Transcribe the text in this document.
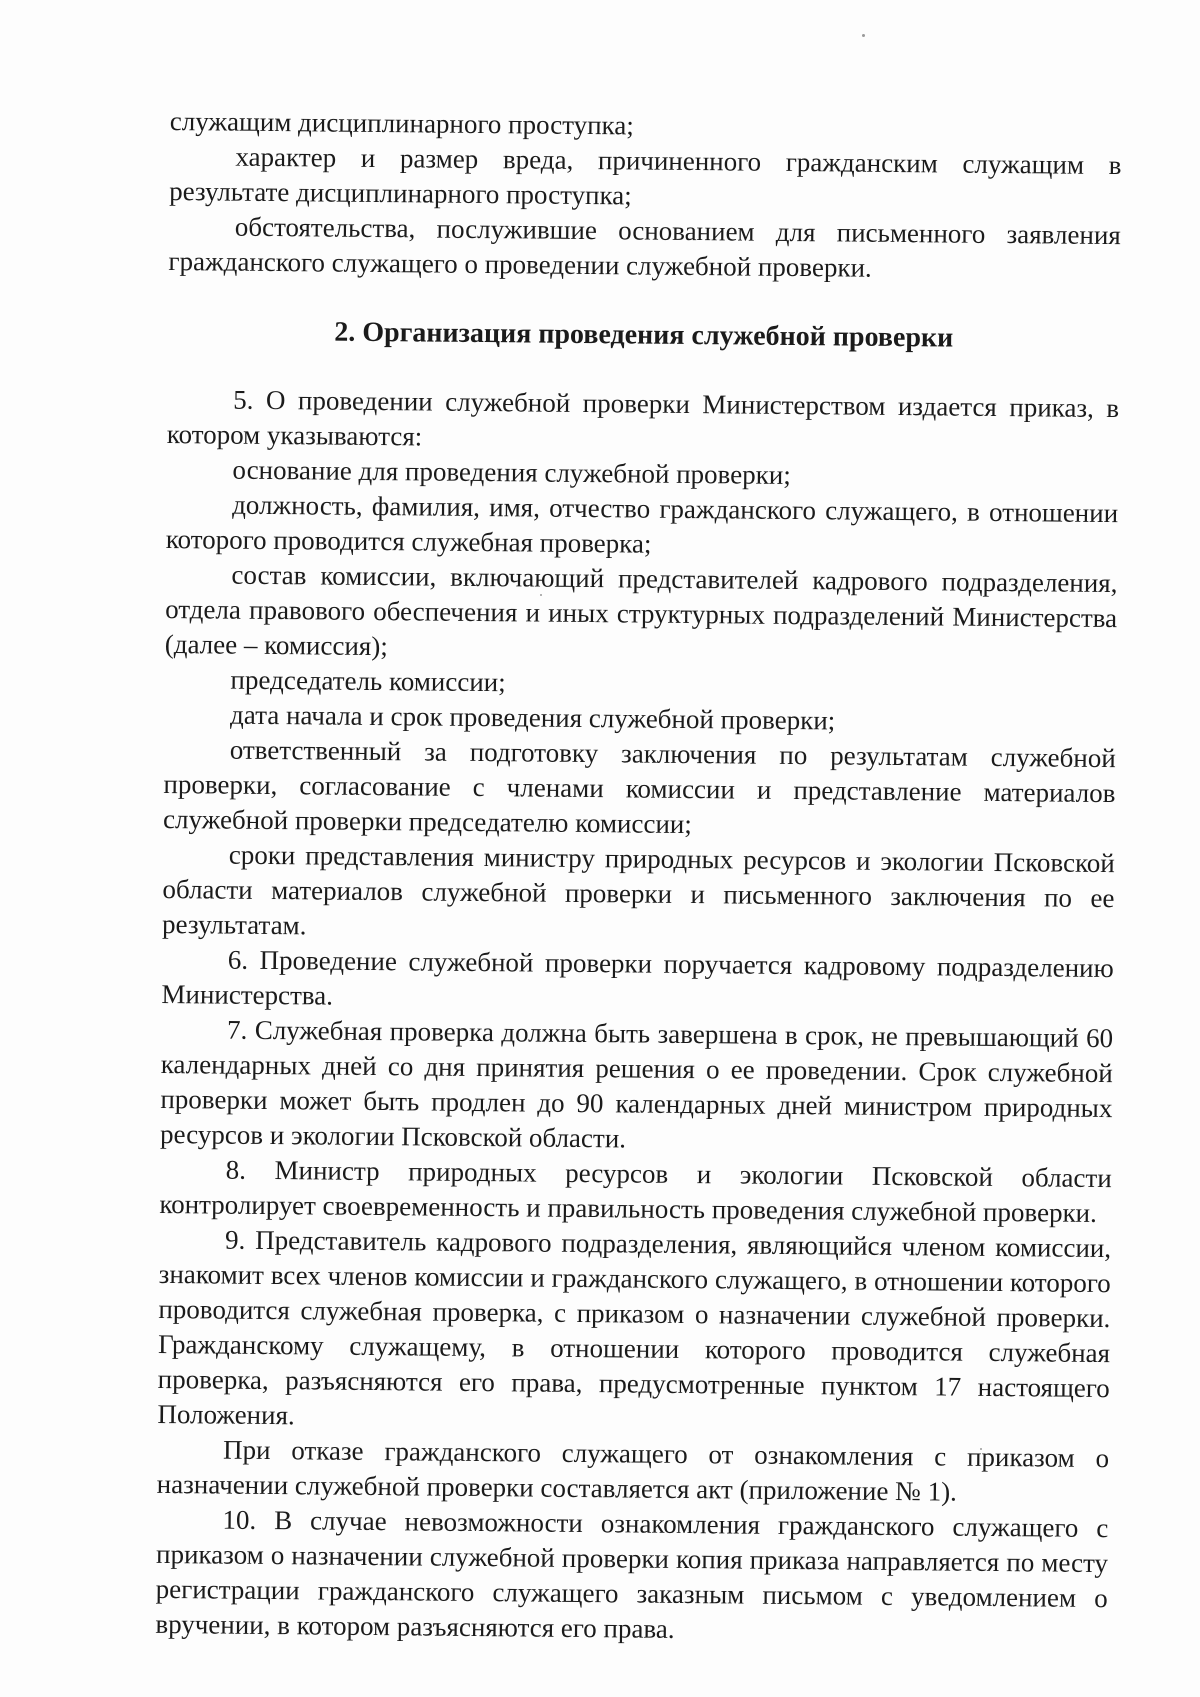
служащим дисциплинарного проступка;

характер и размер вреда, причиненного гражданским служащим в результате дисциплинарного проступка;

обстоятельства, послужившие основанием для письменного заявления гражданского служащего о проведении служебной проверки.

2. Организация проведения служебной проверки

5. О проведении служебной проверки Министерством издается приказ, в котором указываются:

основание для проведения служебной проверки;

должность, фамилия, имя, отчество гражданского служащего, в отношении которого проводится служебная проверка;

состав комиссии, включающий представителей кадрового подразделения, отдела правового обеспечения и иных структурных подразделений Министерства (далее – комиссия);

председатель комиссии;

дата начала и срок проведения служебной проверки;

ответственный за подготовку заключения по результатам служебной проверки, согласование с членами комиссии и представление материалов служебной проверки председателю комиссии;

сроки представления министру природных ресурсов и экологии Псковской области материалов служебной проверки и письменного заключения по ее результатам.

6. Проведение служебной проверки поручается кадровому подразделению Министерства.

7. Служебная проверка должна быть завершена в срок, не превышающий 60 календарных дней со дня принятия решения о ее проведении. Срок служебной проверки может быть продлен до 90 календарных дней министром природных ресурсов и экологии Псковской области.

8. Министр природных ресурсов и экологии Псковской области контролирует своевременность и правильность проведения служебной проверки.

9. Представитель кадрового подразделения, являющийся членом комиссии, знакомит всех членов комиссии и гражданского служащего, в отношении которого проводится служебная проверка, с приказом о назначении служебной проверки. Гражданскому служащему, в отношении которого проводится служебная проверка, разъясняются его права, предусмотренные пунктом 17 настоящего Положения.

При отказе гражданского служащего от ознакомления с приказом о назначении служебной проверки составляется акт (приложение № 1).

10. В случае невозможности ознакомления гражданского служащего с приказом о назначении служебной проверки копия приказа направляется по месту регистрации гражданского служащего заказным письмом с уведомлением о вручении, в котором разъясняются его права.
